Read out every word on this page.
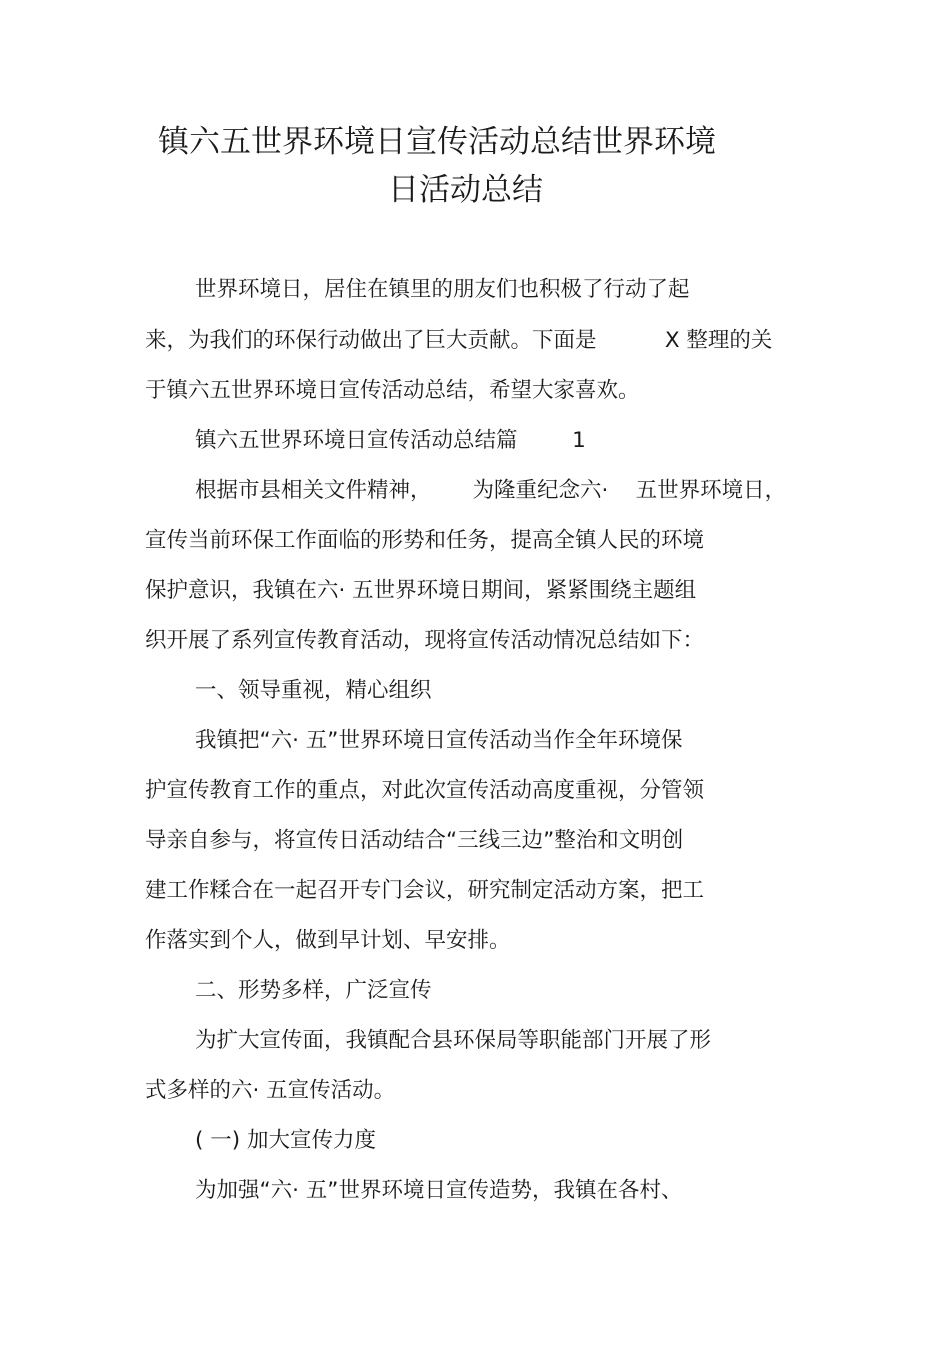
镇六五世界环境日宣传活动总结世界环境
日活动总结
世界环境日，居住在镇里的朋友们也积极了行动了起
来，为我们的环保行动做出了巨大贡献。下面是          X 整理的关
于镇六五世界环境日宣传活动总结，希望大家喜欢。
镇六五世界环境日宣传活动总结篇        1
根据市县相关文件精神，      为隆重纪念六·    五世界环境日，
宣传当前环保工作面临的形势和任务，提高全镇人民的环境
保护意识，我镇在六· 五世界环境日期间，紧紧围绕主题组
织开展了系列宣传教育活动，现将宣传活动情况总结如下：
一、领导重视，精心组织
我镇把“六· 五”世界环境日宣传活动当作全年环境保
护宣传教育工作的重点，对此次宣传活动高度重视，分管领
导亲自参与，将宣传日活动结合“三线三边”整治和文明创
建工作糅合在一起召开专门会议，研究制定活动方案，把工
作落实到个人，做到早计划、早安排。
二、形势多样，广泛宣传
为扩大宣传面，我镇配合县环保局等职能部门开展了形
式多样的六· 五宣传活动。
( 一) 加大宣传力度
为加强“六· 五”世界环境日宣传造势，我镇在各村、
